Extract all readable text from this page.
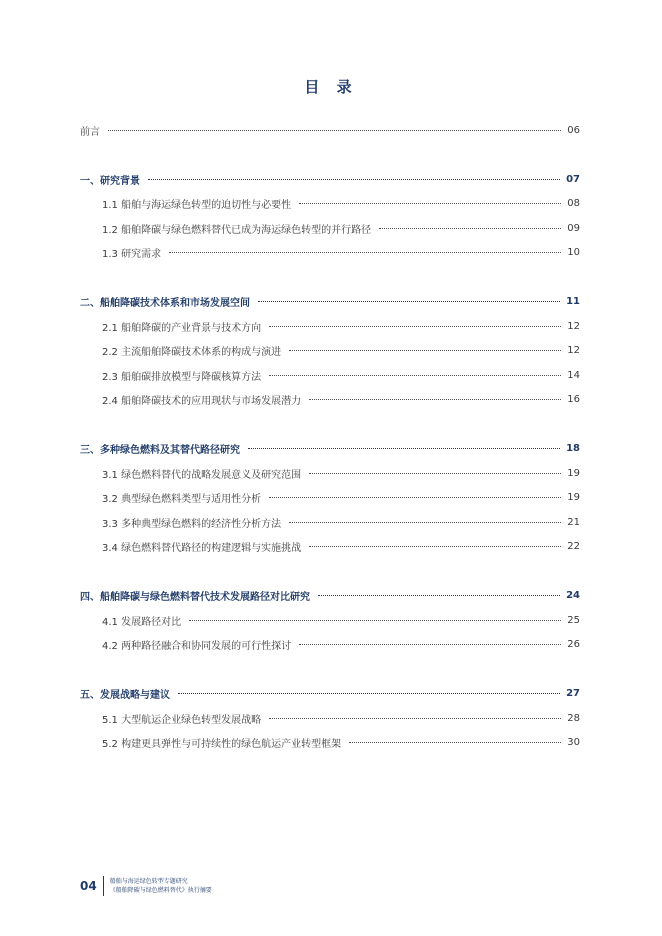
目 录
前言	06
一、研究背景	07
1.1 船舶与海运绿色转型的迫切性与必要性	08
1.2 船舶降碳与绿色燃料替代已成为海运绿色转型的并行路径	09
1.3 研究需求	10
二、船舶降碳技术体系和市场发展空间	11
2.1 船舶降碳的产业背景与技术方向	12
2.2 主流船舶降碳技术体系的构成与演进	12
2.3 船舶碳排放模型与降碳核算方法	14
2.4 船舶降碳技术的应用现状与市场发展潜力	16
三、多种绿色燃料及其替代路径研究	18
3.1 绿色燃料替代的战略发展意义及研究范围	19
3.2 典型绿色燃料类型与适用性分析	19
3.3 多种典型绿色燃料的经济性分析方法	21
3.4 绿色燃料替代路径的构建逻辑与实施挑战	22
四、船舶降碳与绿色燃料替代技术发展路径对比研究	24
4.1 发展路径对比	25
4.2 两种路径融合和协同发展的可行性探讨	26
五、发展战略与建议	27
5.1 大型航运企业绿色转型发展战略	28
5.2 构建更具弹性与可持续性的绿色航运产业转型框架	30
04	船舶与海运绿色转型专题研究
《船舶降碳与绿色燃料替代》执行摘要
